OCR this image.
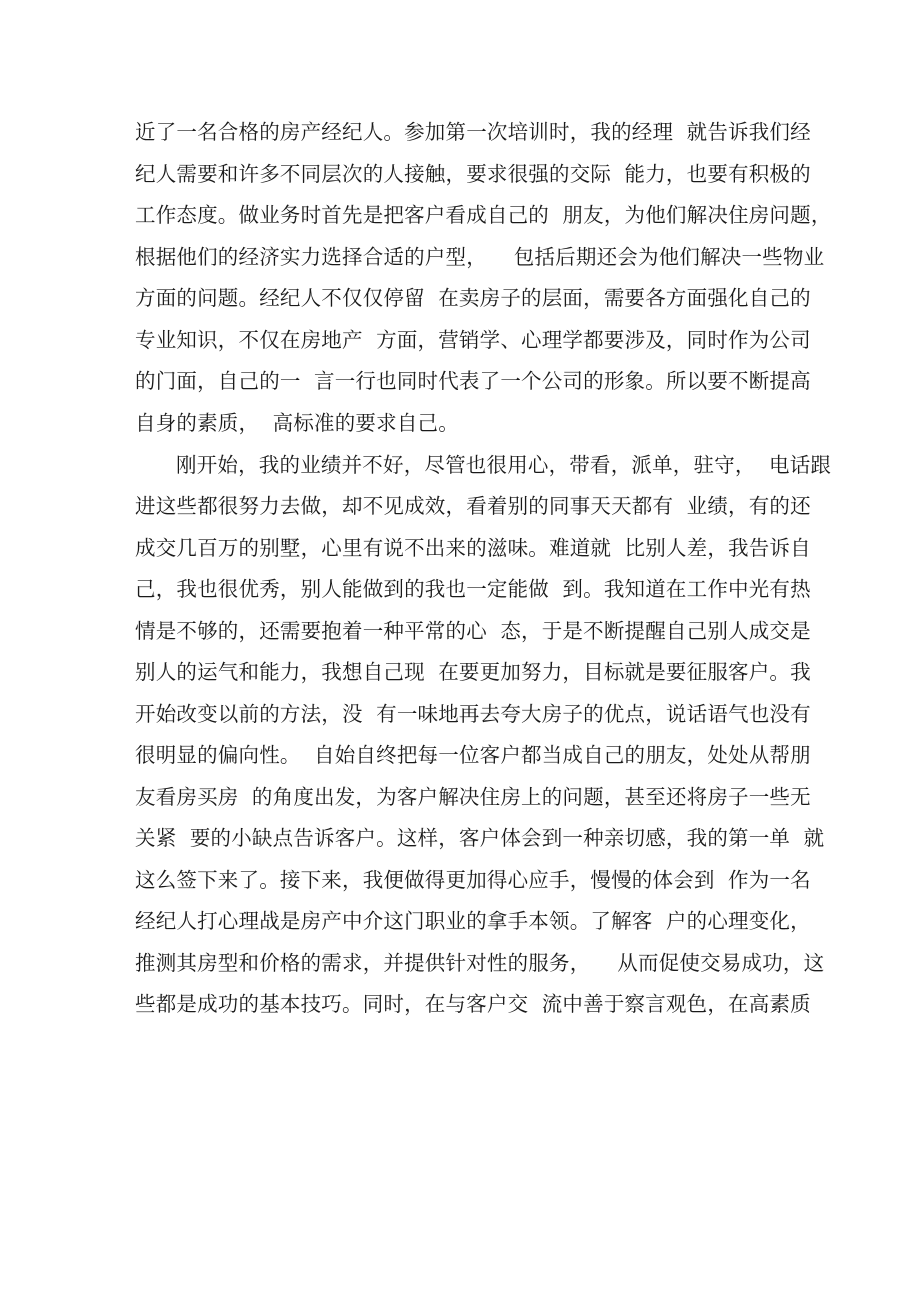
近了一名合格的房产经纪人。参加第一次培训时，我的经理  就告诉我们经
纪人需要和许多不同层次的人接触，要求很强的交际  能力，也要有积极的
工作态度。做业务时首先是把客户看成自己的  朋友，为他们解决住房问题，
根据他们的经济实力选择合适的户型，    包括后期还会为他们解决一些物业
方面的问题。经纪人不仅仅停留  在卖房子的层面，需要各方面强化自己的
专业知识，不仅在房地产  方面，营销学、心理学都要涉及，同时作为公司
的门面，自己的一  言一行也同时代表了一个公司的形象。所以要不断提高
自身的素质，  高标准的要求自己。
刚开始，我的业绩并不好，尽管也很用心，带看，派单，驻守，  电话跟
进这些都很努力去做，却不见成效，看着别的同事天天都有  业绩，有的还
成交几百万的别墅，心里有说不出来的滋味。难道就  比别人差，我告诉自
己，我也很优秀，别人能做到的我也一定能做  到。我知道在工作中光有热
情是不够的，还需要抱着一种平常的心  态，于是不断提醒自己别人成交是
别人的运气和能力，我想自己现  在要更加努力，目标就是要征服客户。我
开始改变以前的方法，没  有一味地再去夸大房子的优点，说话语气也没有
很明显的偏向性。  自始自终把每一位客户都当成自己的朋友，处处从帮朋
友看房买房  的角度出发，为客户解决住房上的问题，甚至还将房子一些无
关紧  要的小缺点告诉客户。这样，客户体会到一种亲切感，我的第一单  就
这么签下来了。接下来，我便做得更加得心应手，慢慢的体会到  作为一名
经纪人打心理战是房产中介这门职业的拿手本领。了解客  户的心理变化，
推测其房型和价格的需求，并提供针对性的服务，    从而促使交易成功，这
些都是成功的基本技巧。同时，在与客户交  流中善于察言观色，在高素质
